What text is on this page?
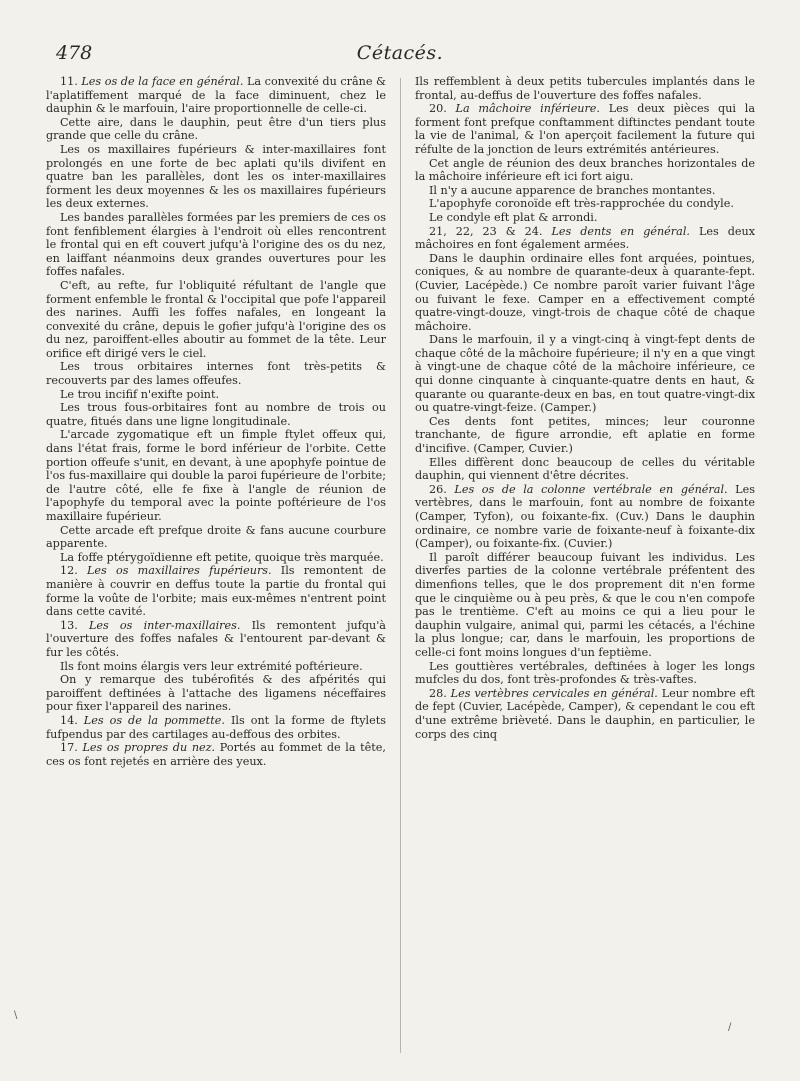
478	Cétacés.

11. Les os de la face en général. La convexité du crâne & l'aplatiffement marqué de la face diminuent, chez le dauphin & le marfouin, l'aire proportionnelle de celle-ci.

Cette aire, dans le dauphin, peut être d'un tiers plus grande que celle du crâne.

Les os maxillaires fupérieurs & inter-maxillaires font prolongés en une forte de bec aplati qu'ils divifent en quatre ban les parallèles, dont les os inter-maxillaires forment les deux moyennes & les os maxillaires fupérieurs les deux externes.

Les bandes parallèles formées par les premiers de ces os font fenfiblement élargies à l'endroit où elles rencontrent le frontal qui en eft couvert jufqu'à l'origine des os du nez, en laiffant néanmoins deux grandes ouvertures pour les foffes nafales.

C'eft, au refte, fur l'obliquité réfultant de l'angle que forment enfemble le frontal & l'occipital que pofe l'appareil des narines. Auffi les foffes nafales, en longeant la convexité du crâne, depuis le gofier jufqu'à l'origine des os du nez, paroiffent-elles aboutir au fommet de la tête. Leur orifice eft dirigé vers le ciel.

Les trous orbitaires internes font très-petits & recouverts par des lames offeufes.

Le trou incifif n'exifte point.

Les trous fous-orbitaires font au nombre de trois ou quatre, fitués dans une ligne longitudinale.

L'arcade zygomatique eft un fimple ftylet offeux qui, dans l'état frais, forme le bord inférieur de l'orbite. Cette portion offeufe s'unit, en devant, à une apophyfe pointue de l'os fus-maxillaire qui double la paroi fupérieure de l'orbite; de l'autre côté, elle fe fixe à l'angle de réunion de l'apophyfe du temporal avec la pointe poftérieure de l'os maxillaire fupérieur.

Cette arcade eft prefque droite & fans aucune courbure apparente.

La foffe ptérygoïdienne eft petite, quoique très marquée.

12. Les os maxillaires fupérieurs. Ils remontent de manière à couvrir en deffus toute la partie du frontal qui forme la voûte de l'orbite; mais eux-mêmes n'entrent point dans cette cavité.

13. Les os inter-maxillaires. Ils remontent jufqu'à l'ouverture des foffes nafales & l'entourent par-devant & fur les côtés.

Ils font moins élargis vers leur extrémité poftérieure.

On y remarque des tubérofités & des afpérités qui paroiffent deftinées à l'attache des ligamens néceffaires pour fixer l'appareil des narines.

14. Les os de la pommette. Ils ont la forme de ftylets fufpendus par des cartilages au-deffous des orbites.

17. Les os propres du nez. Portés au fommet de la tête, ces os font rejetés en arrière des yeux.

Ils reffemblent à deux petits tubercules implantés dans le frontal, au-deffus de l'ouverture des foffes nafales.

20. La mâchoire inférieure. Les deux pièces qui la forment font prefque conftamment diftinctes pendant toute la vie de l'animal, & l'on aperçoit facilement la future qui réfulte de la jonction de leurs extrémités antérieures.

Cet angle de réunion des deux branches horizontales de la mâchoire inférieure eft ici fort aigu.

Il n'y a aucune apparence de branches montantes.

L'apophyfe coronoïde eft très-rapprochée du condyle.

Le condyle eft plat & arrondi.

21, 22, 23 & 24. Les dents en général. Les deux mâchoires en font également armées.

Dans le dauphin ordinaire elles font arquées, pointues, coniques, & au nombre de quarante-deux à quarante-fept. (Cuvier, Lacépède.) Ce nombre paroît varier fuivant l'âge ou fuivant le fexe. Camper en a effectivement compté quatre-vingt-douze, vingt-trois de chaque côté de chaque mâchoire.

Dans le marfouin, il y a vingt-cinq à vingt-fept dents de chaque côté de la mâchoire fupérieure; il n'y en a que vingt à vingt-une de chaque côté de la mâchoire inférieure, ce qui donne cinquante à cinquante-quatre dents en haut, & quarante ou quarante-deux en bas, en tout quatre-vingt-dix ou quatre-vingt-feize. (Camper.)

Ces dents font petites, minces; leur couronne tranchante, de figure arrondie, eft aplatie en forme d'incifive. (Camper, Cuvier.)

Elles diffèrent donc beaucoup de celles du véritable dauphin, qui viennent d'être décrites.

26. Les os de la colonne vertébrale en général. Les vertèbres, dans le marfouin, font au nombre de foixante (Camper, Tyfon), ou foixante-fix. (Cuv.) Dans le dauphin ordinaire, ce nombre varie de foixante-neuf à foixante-dix (Camper), ou foixante-fix. (Cuvier.)

Il paroît différer beaucoup fuivant les individus. Les diverfes parties de la colonne vertébrale préfentent des dimenfions telles, que le dos proprement dit n'en forme que le cinquième ou à peu près, & que le cou n'en compofe pas le trentième. C'eft au moins ce qui a lieu pour le dauphin vulgaire, animal qui, parmi les cétacés, a l'échine la plus longue; car, dans le marfouin, les proportions de celle-ci font moins longues d'un feptième.

Les gouttières vertébrales, deftinées à loger les longs mufcles du dos, font très-profondes & très-vaftes.

28. Les vertèbres cervicales en général. Leur nombre eft de fept (Cuvier, Lacépède, Camper), & cependant le cou eft d'une extrême brièveté. Dans le dauphin, en particulier, le corps des cinq

\
/
